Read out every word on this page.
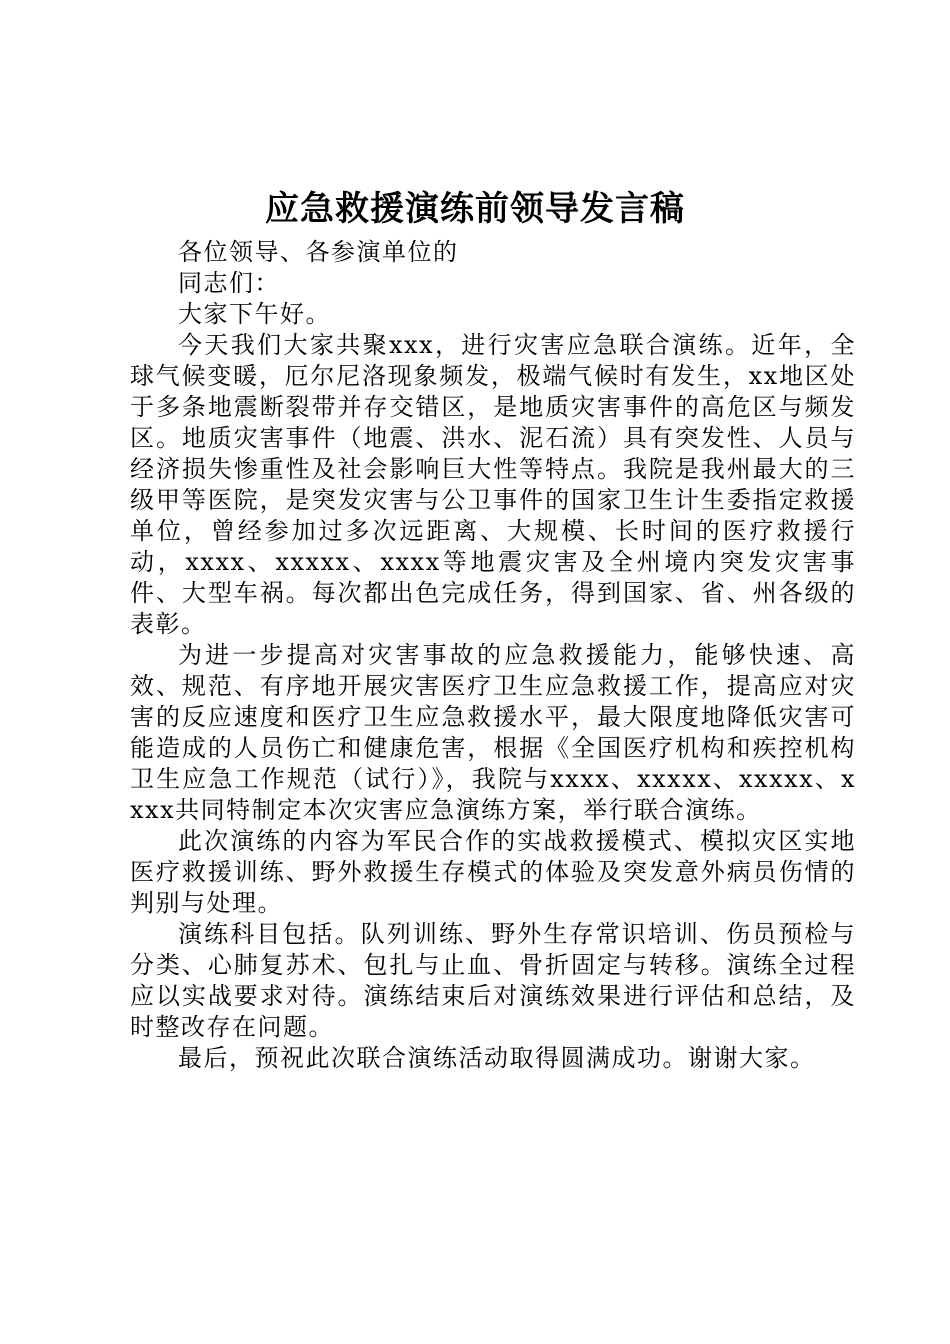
应急救援演练前领导发言稿

各位领导、各参演单位的

同志们：

大家下午好。

今天我们大家共聚xxx，进行灾害应急联合演练。近年，全球气候变暖，厄尔尼洛现象频发，极端气候时有发生，xx地区处于多条地震断裂带并存交错区，是地质灾害事件的高危区与频发区。地质灾害事件（地震、洪水、泥石流）具有突发性、人员与经济损失惨重性及社会影响巨大性等特点。我院是我州最大的三级甲等医院，是突发灾害与公卫事件的国家卫生计生委指定救援单位，曾经参加过多次远距离、大规模、长时间的医疗救援行动，xxxx、xxxxx、xxxx等地震灾害及全州境内突发灾害事件、大型车祸。每次都出色完成任务，得到国家、省、州各级的表彰。

为进一步提高对灾害事故的应急救援能力，能够快速、高效、规范、有序地开展灾害医疗卫生应急救援工作，提高应对灾害的反应速度和医疗卫生应急救援水平，最大限度地降低灾害可能造成的人员伤亡和健康危害，根据《全国医疗机构和疾控机构卫生应急工作规范（试行）》，我院与xxxx、xxxxx、xxxxx、xxxx共同特制定本次灾害应急演练方案，举行联合演练。

此次演练的内容为军民合作的实战救援模式、模拟灾区实地医疗救援训练、野外救援生存模式的体验及突发意外病员伤情的判别与处理。

演练科目包括。队列训练、野外生存常识培训、伤员预检与分类、心肺复苏术、包扎与止血、骨折固定与转移。演练全过程应以实战要求对待。演练结束后对演练效果进行评估和总结，及时整改存在问题。

最后，预祝此次联合演练活动取得圆满成功。谢谢大家。
